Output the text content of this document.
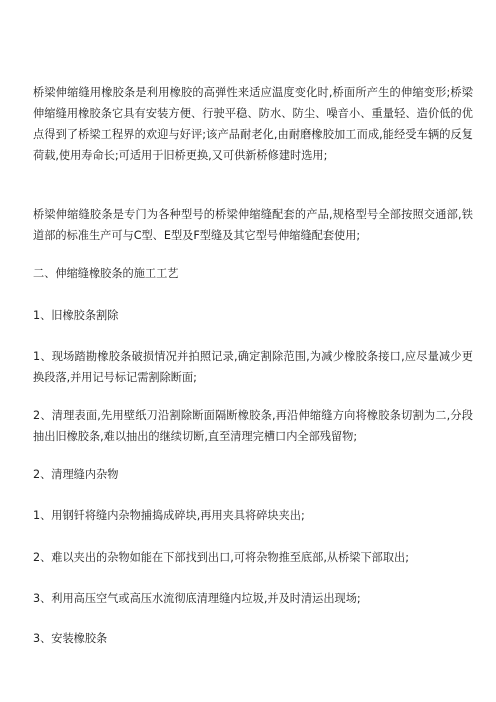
桥梁伸缩缝用橡胶条是利用橡胶的高弹性来适应温度变化时,桥面所产生的伸缩变形;桥梁伸缩缝用橡胶条它具有安装方便、行驶平稳、防水、防尘、噪音小、重量轻、造价低的优点得到了桥梁工程界的欢迎与好评;该产品耐老化,由耐磨橡胶加工而成,能经受车辆的反复荷载,使用寿命长;可适用于旧桥更换,又可供新桥修建时选用;

桥梁伸缩缝胶条是专门为各种型号的桥梁伸缩缝配套的产品,规格型号全部按照交通部,铁道部的标准生产可与C型、E型及F型缝及其它型号伸缩缝配套使用;

二、伸缩缝橡胶条的施工工艺

1、旧橡胶条割除

1、现场踏勘橡胶条破损情况并拍照记录,确定割除范围,为减少橡胶条接口,应尽量减少更换段落,并用记号标记需割除断面;

2、清理表面,先用壁纸刀沿割除断面隔断橡胶条,再沿伸缩缝方向将橡胶条切割为二,分段抽出旧橡胶条,难以抽出的继续切断,直至清理完槽口内全部残留物;

2、清理缝内杂物

1、用钢钎将缝内杂物捕捣成碎块,再用夹具将碎块夹出;

2、难以夹出的杂物如能在下部找到出口,可将杂物推至底部,从桥梁下部取出;

3、利用高压空气或高压水流彻底清理缝内垃圾,并及时清运出现场;

3、安装橡胶条
